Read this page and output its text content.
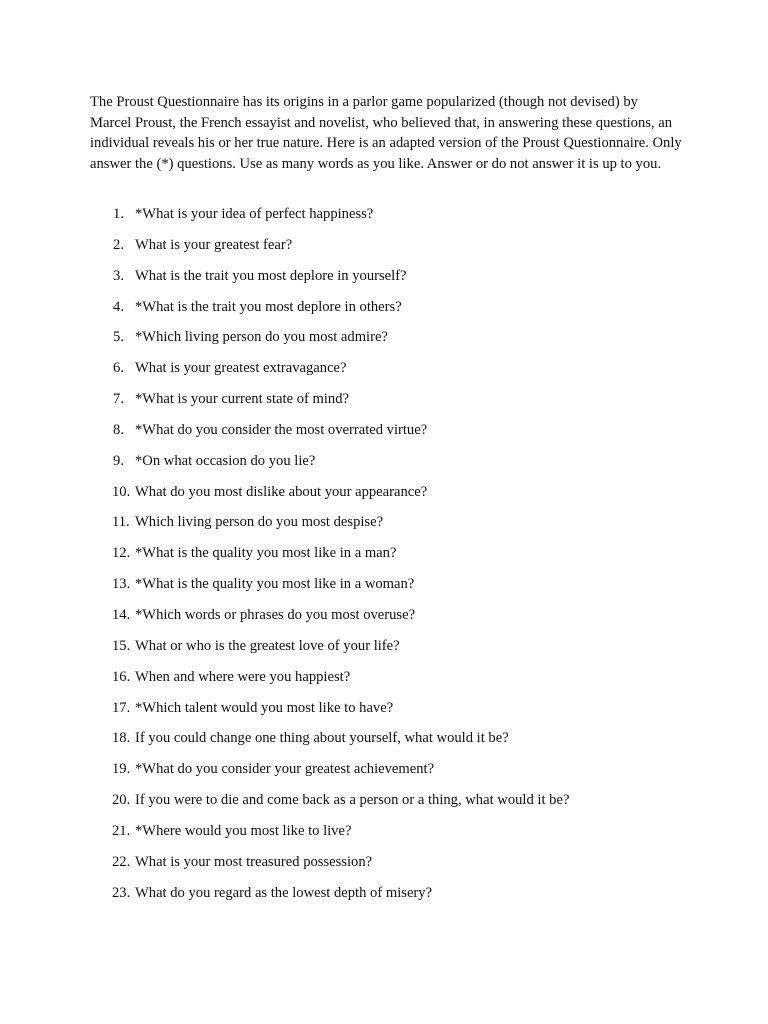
The Proust Questionnaire has its origins in a parlor game popularized (though not devised) by Marcel Proust, the French essayist and novelist, who believed that, in answering these questions, an individual reveals his or her true nature. Here is an adapted version of the Proust Questionnaire. Only answer the (*) questions. Use as many words as you like. Answer or do not answer it is up to you.

1. *What is your idea of perfect happiness?
2. What is your greatest fear?
3. What is the trait you most deplore in yourself?
4. *What is the trait you most deplore in others?
5. *Which living person do you most admire?
6. What is your greatest extravagance?
7. *What is your current state of mind?
8. *What do you consider the most overrated virtue?
9. *On what occasion do you lie?
10. What do you most dislike about your appearance?
11. Which living person do you most despise?
12. *What is the quality you most like in a man?
13. *What is the quality you most like in a woman?
14. *Which words or phrases do you most overuse?
15. What or who is the greatest love of your life?
16. When and where were you happiest?
17. *Which talent would you most like to have?
18. If you could change one thing about yourself, what would it be?
19. *What do you consider your greatest achievement?
20. If you were to die and come back as a person or a thing, what would it be?
21. *Where would you most like to live?
22. What is your most treasured possession?
23. What do you regard as the lowest depth of misery?
